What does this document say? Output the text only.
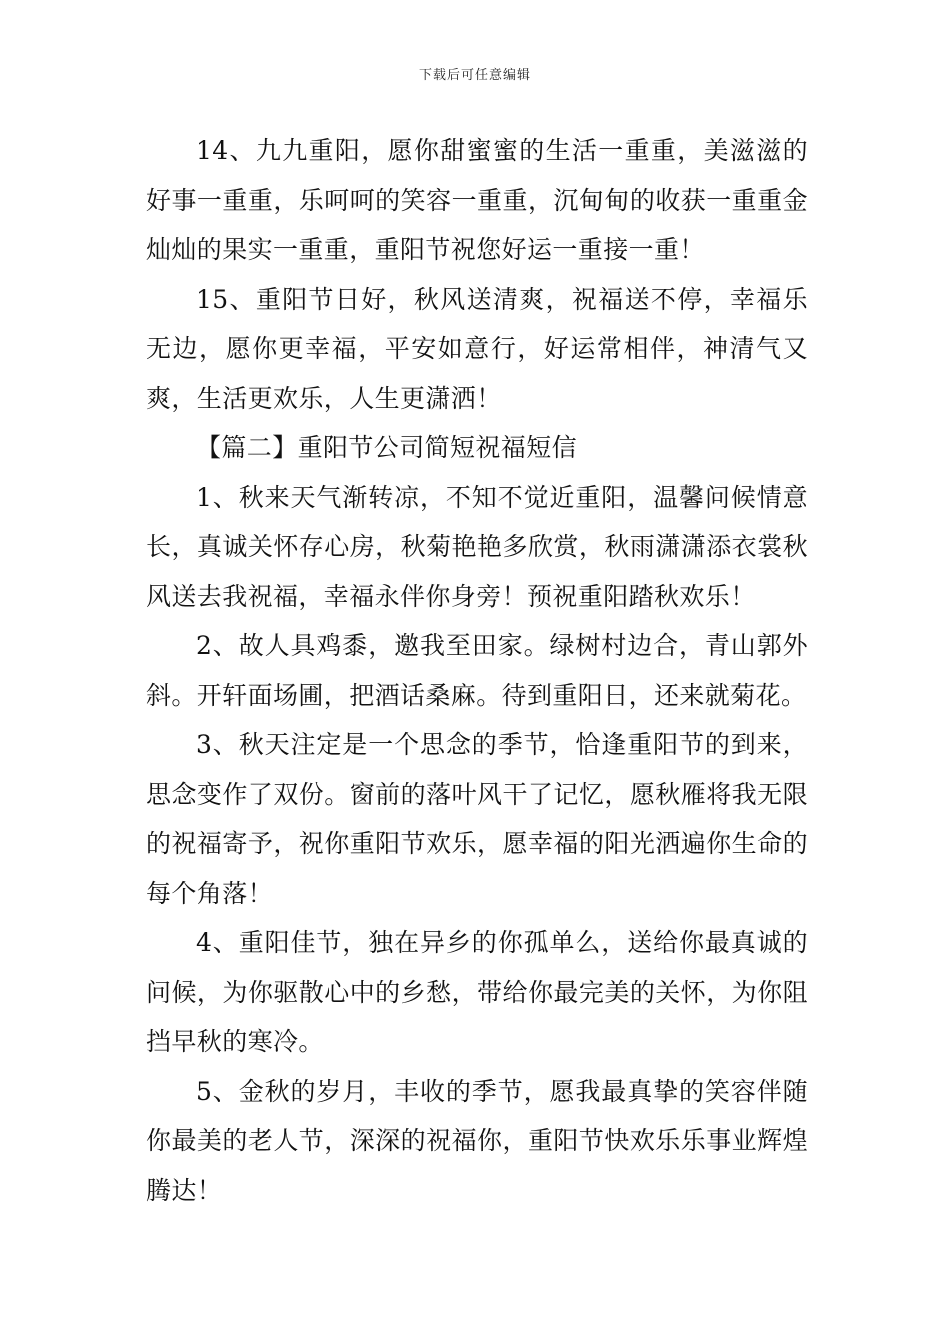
下载后可任意编辑

14、九九重阳，愿你甜蜜蜜的生活一重重，美滋滋的好事一重重，乐呵呵的笑容一重重，沉甸甸的收获一重重金灿灿的果实一重重，重阳节祝您好运一重接一重！

15、重阳节日好，秋风送清爽，祝福送不停，幸福乐无边，愿你更幸福，平安如意行，好运常相伴，神清气又爽，生活更欢乐，人生更潇洒！

【篇二】重阳节公司简短祝福短信

1、秋来天气渐转凉，不知不觉近重阳，温馨问候情意长，真诚关怀存心房，秋菊艳艳多欣赏，秋雨潇潇添衣裳秋风送去我祝福，幸福永伴你身旁！预祝重阳踏秋欢乐！

2、故人具鸡黍，邀我至田家。绿树村边合，青山郭外斜。开轩面场圃，把酒话桑麻。待到重阳日，还来就菊花。

3、秋天注定是一个思念的季节，恰逢重阳节的到来，思念变作了双份。窗前的落叶风干了记忆，愿秋雁将我无限的祝福寄予，祝你重阳节欢乐，愿幸福的阳光洒遍你生命的每个角落！

4、重阳佳节，独在异乡的你孤单么，送给你最真诚的问候，为你驱散心中的乡愁，带给你最完美的关怀，为你阻挡早秋的寒冷。

5、金秋的岁月，丰收的季节，愿我最真挚的笑容伴随你最美的老人节，深深的祝福你，重阳节快欢乐乐事业辉煌腾达！
